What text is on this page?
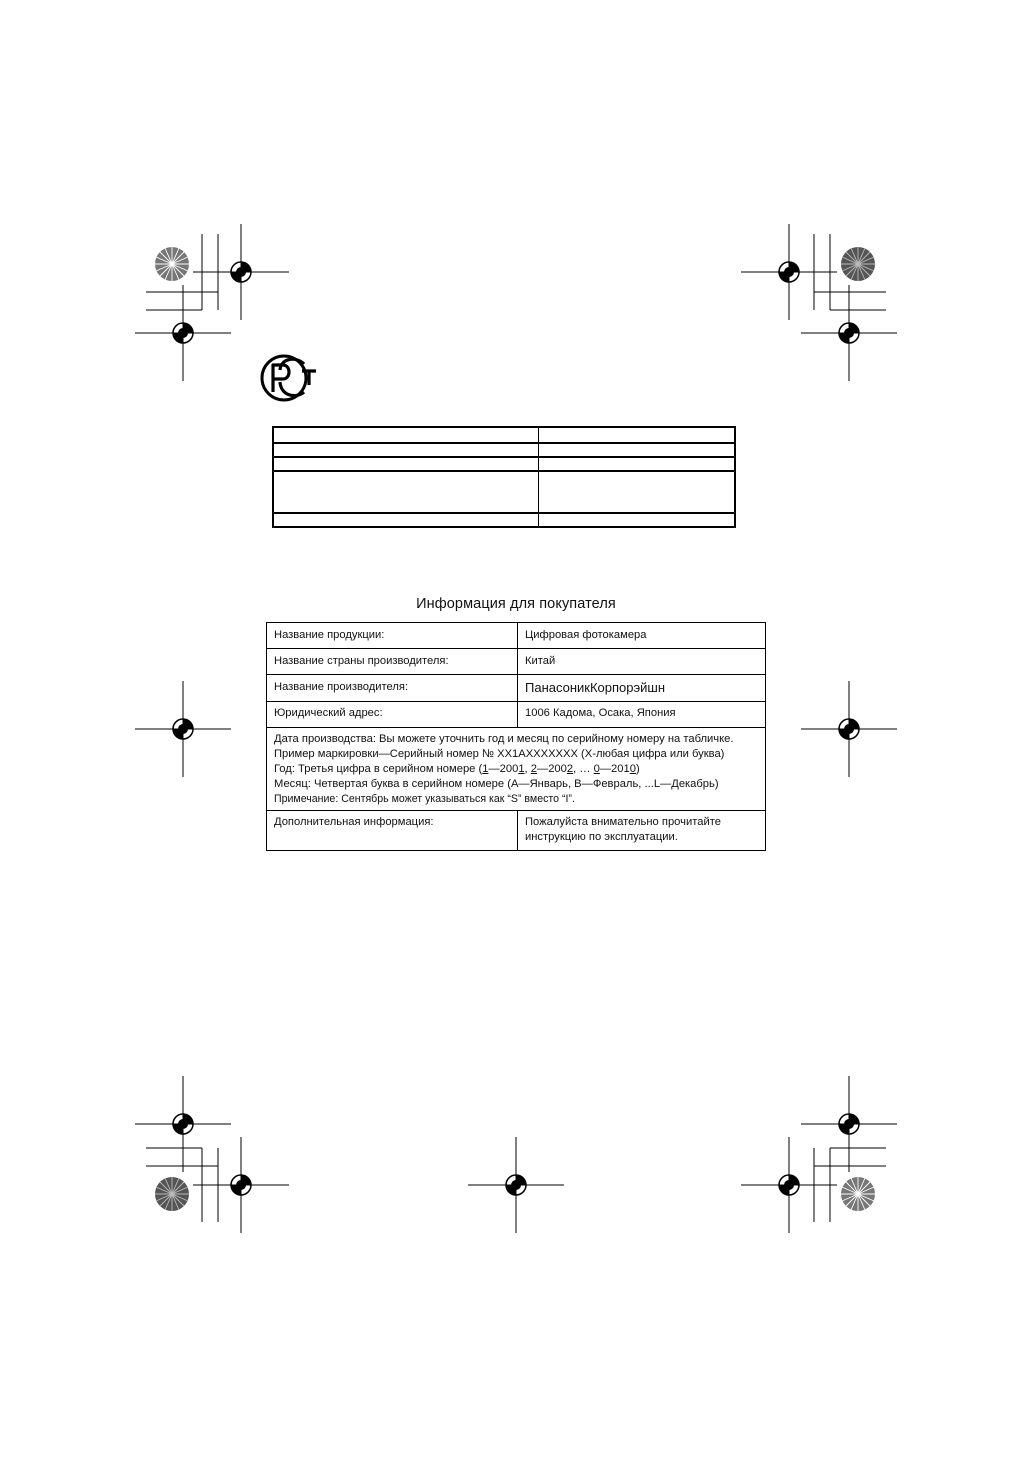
Информация для покупателя
Название продукции:	Цифровая фотокамера
Название страны производителя:	Китай
Название производителя:	ПанасоникКорпорэйшн
Юридический адрес:	1006 Кадома, Осака, Япония

Дата производства: Вы можете уточнить год и месяц по серийному номеру на табличке.
Пример маркировки—Серийный номер № XX1AXXXXXXX (X-любая цифра или буква)
Год: Третья цифра в серийном номере (1—2001, 2—2002, … 0—2010)
Месяц: Четвертая буква в серийном номере (A—Январь, B—Февраль, ...L—Декабрь)
Примечание: Сентябрь может указываться как “S” вместо “I”.	

Дополнительная информация:	Пожалуйста внимательно прочитайте
инструкцию по эксплуатации.
